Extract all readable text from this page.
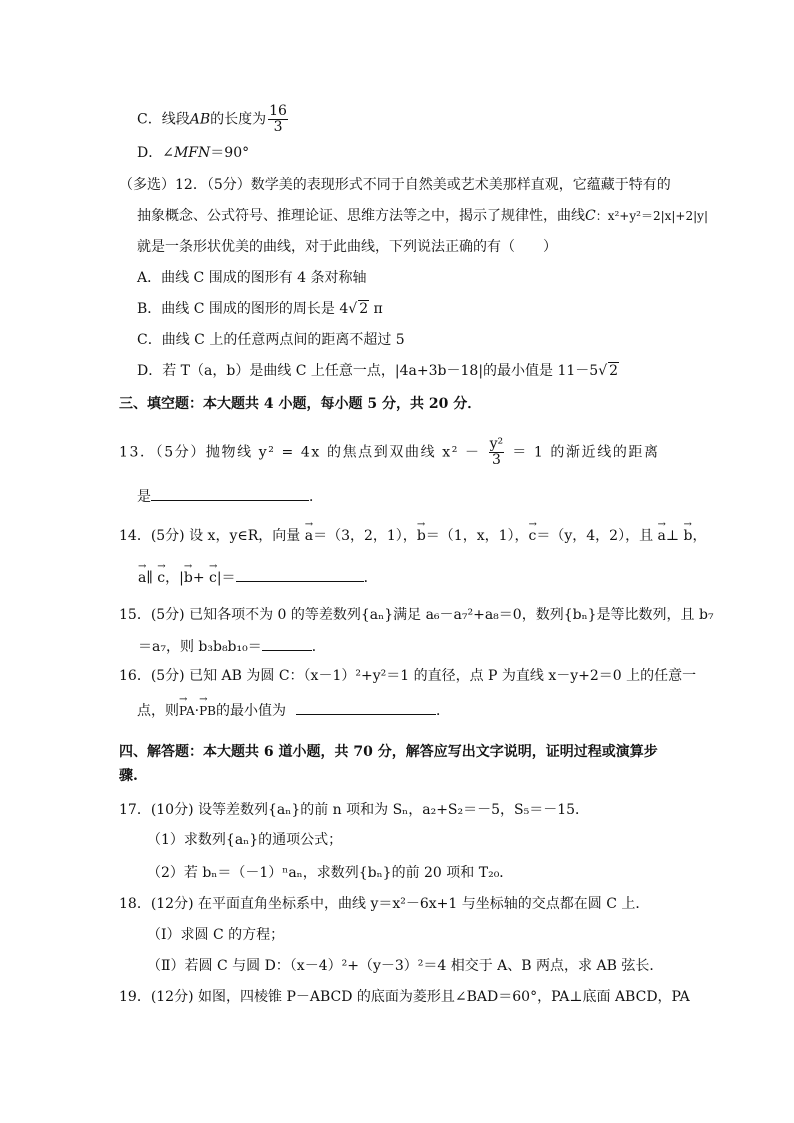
C．线段AB的长度为 $\frac{16}{3}$
D．∠MFN＝90°
（多选）12．（5分）数学美的表现形式不同于自然美或艺术美那样直观，它蕴藏于特有的
抽象概念、公式符号、推理论证、思维方法等之中，揭示了规律性，曲线C：x²+y²＝2|x|+2|y|
就是一条形状优美的曲线，对于此曲线，下列说法正确的有（　　）
A．曲线 C 围成的图形有 4 条对称轴
B．曲线 C 围成的图形的周长是 4√ 2 π
C．曲线 C 上的任意两点间的距离不超过 5
D．若 T（a，b）是曲线 C 上任意一点，|4a+3b－18|的最小值是 11－5√ 2
三、填空题：本大题共 4 小题，每小题 5 分，共 20 分．
13．（5分）抛物线 y² = 4x 的焦点到双曲线 $x^2 - \frac{\text{y²}}{3} = 1$ 的渐近线的距离
是	．
14．(5分) 设 x，y∈R，向量 → a＝（3，2，1），→ b＝（1，x，1），→ c＝（y，4，2），且 → a⊥ → b，
→ a∥ → c，|→ b+ → c|＝	．
15．(5分) 已知各项不为 0 的等差数列{aₙ}满足 a₆－a₇²+a₈＝0，数列{bₙ}是等比数列，且 b₇
＝a₇，则 b₃b₈b₁₀＝	．
16．(5分) 已知 AB 为圆 C：（x－1）²+y²＝1 的直径，点 P 为直线 x－y+2＝0 上的任意一
点，则→ PA·→ PB的最小值为	．
四、解答题：本大题共 6 道小题，共 70 分，解答应写出文字说明，证明过程或演算步
骤.
17．(10分) 设等差数列{aₙ}的前 n 项和为 Sₙ，a₂+S₂＝－5，S₅＝－15．
（1）求数列{aₙ}的通项公式；
（2）若 bₙ＝（－1）ⁿaₙ，求数列{bₙ}的前 20 项和 T₂₀．
18．(12分) 在平面直角坐标系中，曲线 y＝x²－6x+1 与坐标轴的交点都在圆 C 上．
（Ⅰ）求圆 C 的方程；
（Ⅱ）若圆 C 与圆 D：（x－4）²+（y－3）²＝4 相交于 A、B 两点，求 AB 弦长．
19．(12分) 如图，四棱锥 P－ABCD 的底面为菱形且∠BAD＝60°，PA⊥底面 ABCD，PA
